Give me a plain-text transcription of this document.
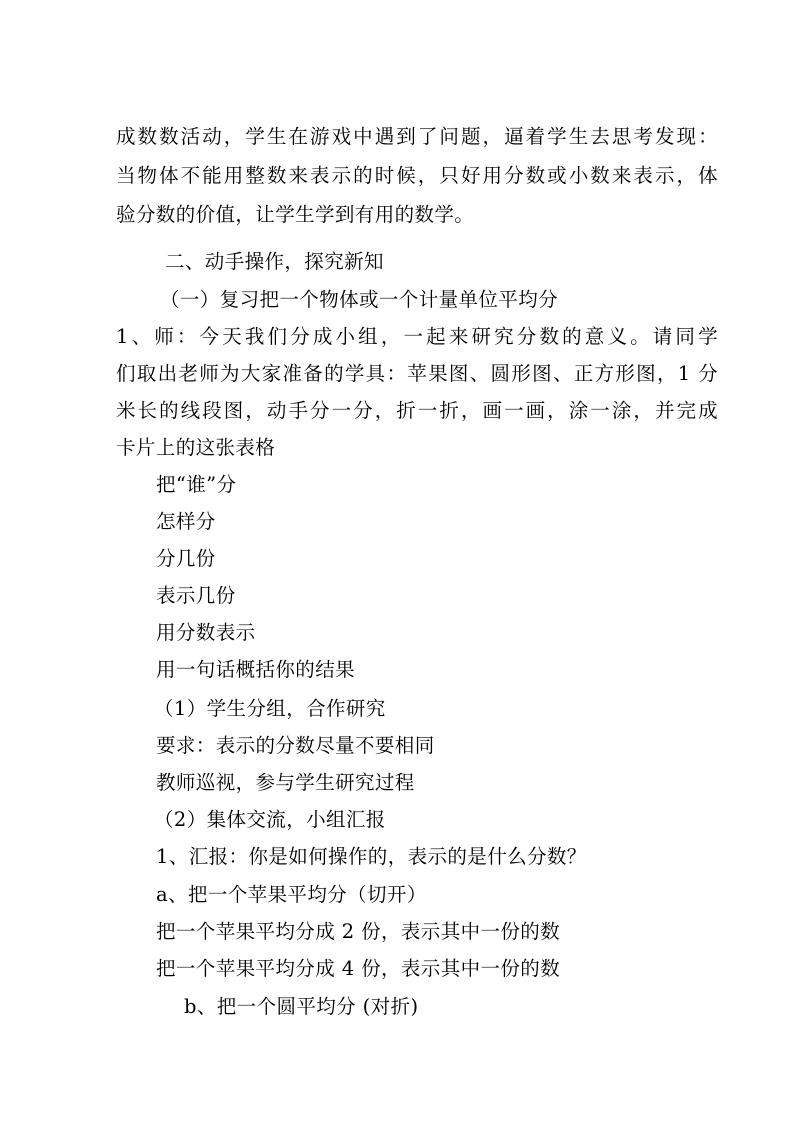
成数数活动，学生在游戏中遇到了问题，逼着学生去思考发现：
当物体不能用整数来表示的时候，只好用分数或小数来表示，体
验分数的价值，让学生学到有用的数学。
二、动手操作，探究新知
（一）复习把一个物体或一个计量单位平均分
1、师：今天我们分成小组，一起来研究分数的意义。请同学
们取出老师为大家准备的学具：苹果图、圆形图、正方形图，1 分
米长的线段图，动手分一分，折一折，画一画，涂一涂，并完成
卡片上的这张表格
把“谁”分
怎样分
分几份
表示几份
用分数表示
用一句话概括你的结果
（1）学生分组，合作研究
要求：表示的分数尽量不要相同
教师巡视，参与学生研究过程
（2）集体交流，小组汇报
1、汇报：你是如何操作的，表示的是什么分数？
a、把一个苹果平均分（切开）
把一个苹果平均分成 2 份，表示其中一份的数
把一个苹果平均分成 4 份，表示其中一份的数
b、把一个圆平均分 (对折)
